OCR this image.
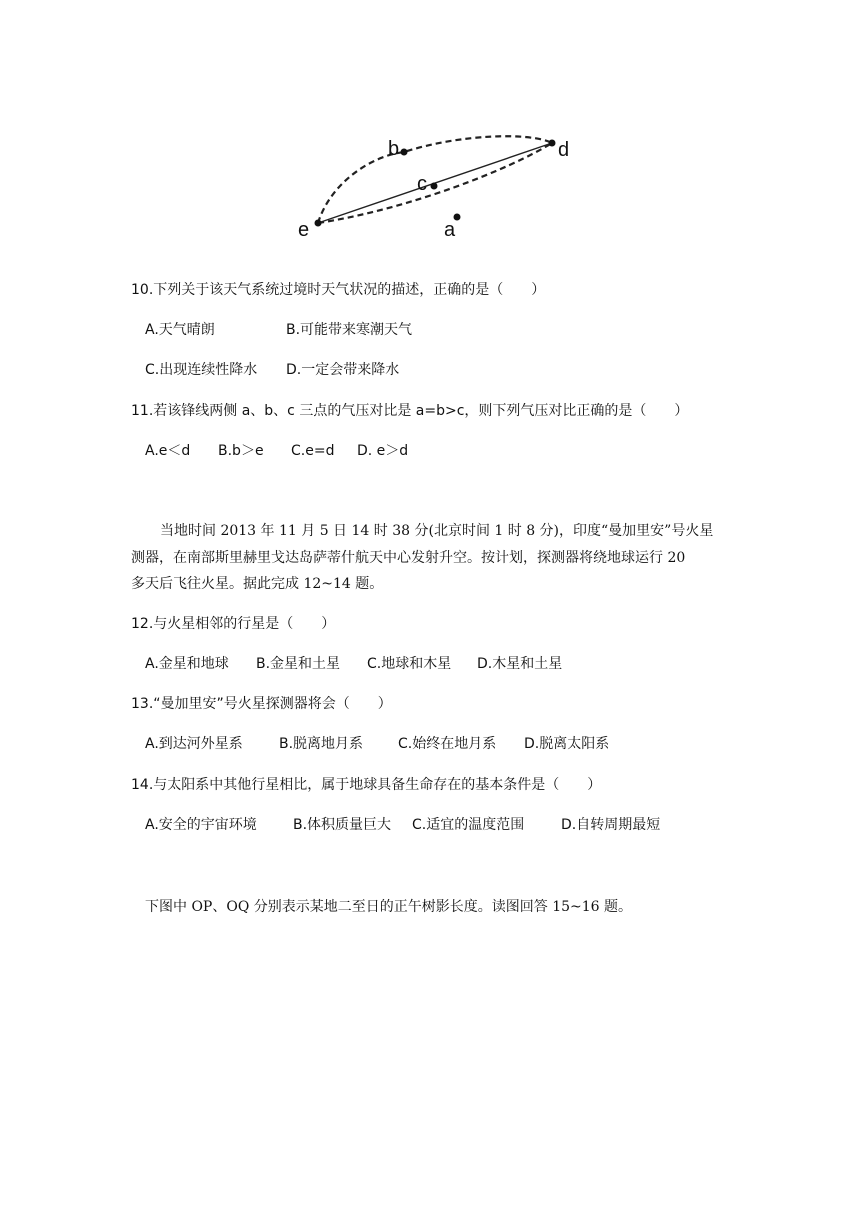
b	d
c
e	a
10.下列关于该天气系统过境时天气状况的描述，正确的是（　　）
A.天气晴朗	B.可能带来寒潮天气
C.出现连续性降水 D.一定会带来降水
11.若该锋线两侧 a、b、c 三点的气压对比是 a=b>c，则下列气压对比正确的是（　　）
A.e＜d B.b＞e C.e=d D. e＞d
当地时间 2013 年 11 月 5 日 14 时 38 分(北京时间 1 时 8 分)，印度“曼加里安”号火星
测器，在南部斯里赫里戈达岛萨蒂什航天中心发射升空。按计划，探测器将绕地球运行 20
多天后飞往火星。据此完成 12~14 题。
12.与火星相邻的行星是（　　）
A.金星和地球 B.金星和土星 C.地球和木星 D.木星和土星
13.“曼加里安”号火星探测器将会（　　）
A.到达河外星系	B.脱离地月系 C.始终在地月系 D.脱离太阳系
14.与太阳系中其他行星相比，属于地球具备生命存在的基本条件是（　　）
A.安全的宇宙环境	B.体积质量巨大 C.适宜的温度范围	D.自转周期最短
下图中 OP、OQ 分别表示某地二至日的正午树影长度。读图回答 15~16 题。
